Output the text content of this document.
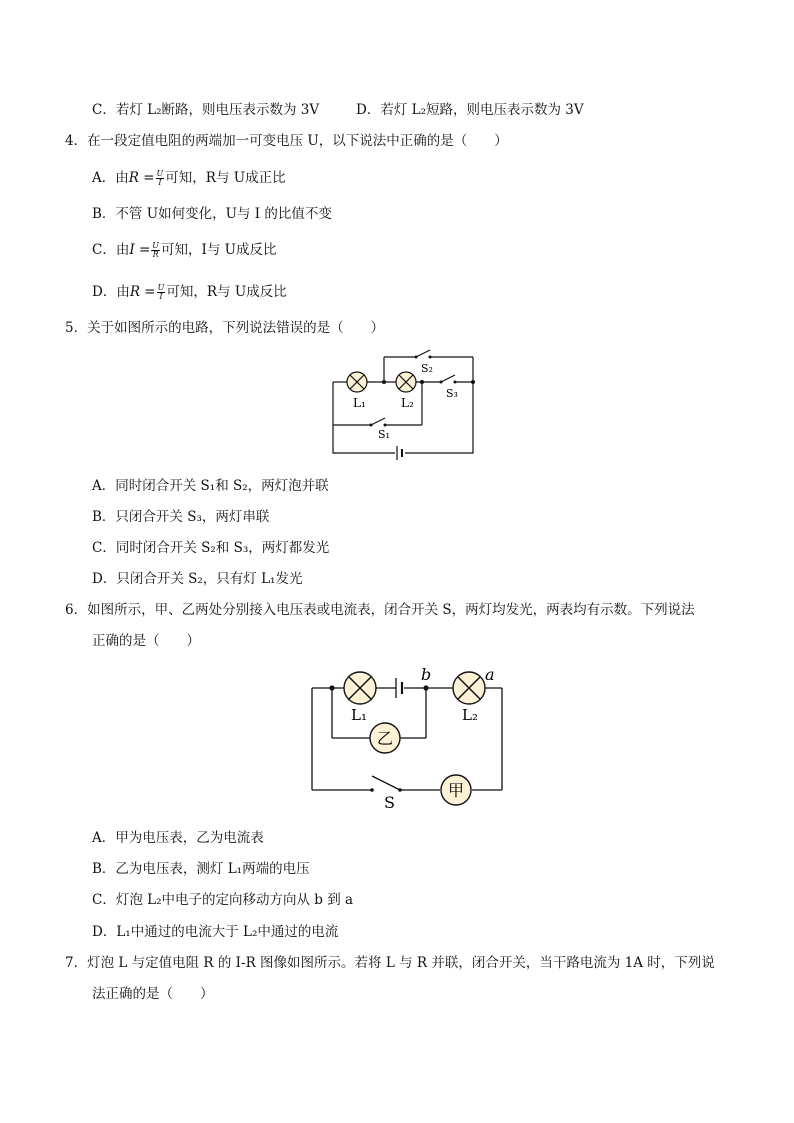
C．若灯 L₂断路，则电压表示数为 3V	D．若灯 L₂短路，则电压表示数为 3V
4．在一段定值电阻的两端加一可变电压 U，以下说法中正确的是（　　）
A．由$R = \frac{U}{I}$ 可知，R与 U成正比
B．不管 U如何变化，U与 I 的比值不变
C．由$I = \frac{U}{R}$ 可知，I与 U成反比
D．由$R = \frac{U}{I}$ 可知，R与 U成反比
5．关于如图所示的电路，下列说法错误的是（　　）
L₁	L₂
S₂
S₃
S₁
A．同时闭合开关 S₁和 S₂，两灯泡并联
B．只闭合开关 S₃，两灯串联
C．同时闭合开关 S₂和 S₃，两灯都发光
D．只闭合开关 S₂，只有灯 L₁发光
6．如图所示，甲、乙两处分别接入电压表或电流表，闭合开关 S，两灯均发光，两表均有示数。下列说法
正确的是（　　）
乙
甲
L₁	L₂
b	a
S
A．甲为电压表，乙为电流表
B．乙为电压表，测灯 L₁两端的电压
C．灯泡 L₂中电子的定向移动方向从 b 到 a
D．L₁中通过的电流大于 L₂中通过的电流
7．灯泡 L 与定值电阻 R 的 I-R 图像如图所示。若将 L 与 R 并联，闭合开关，当干路电流为 1A 时，下列说
法正确的是（　　）
